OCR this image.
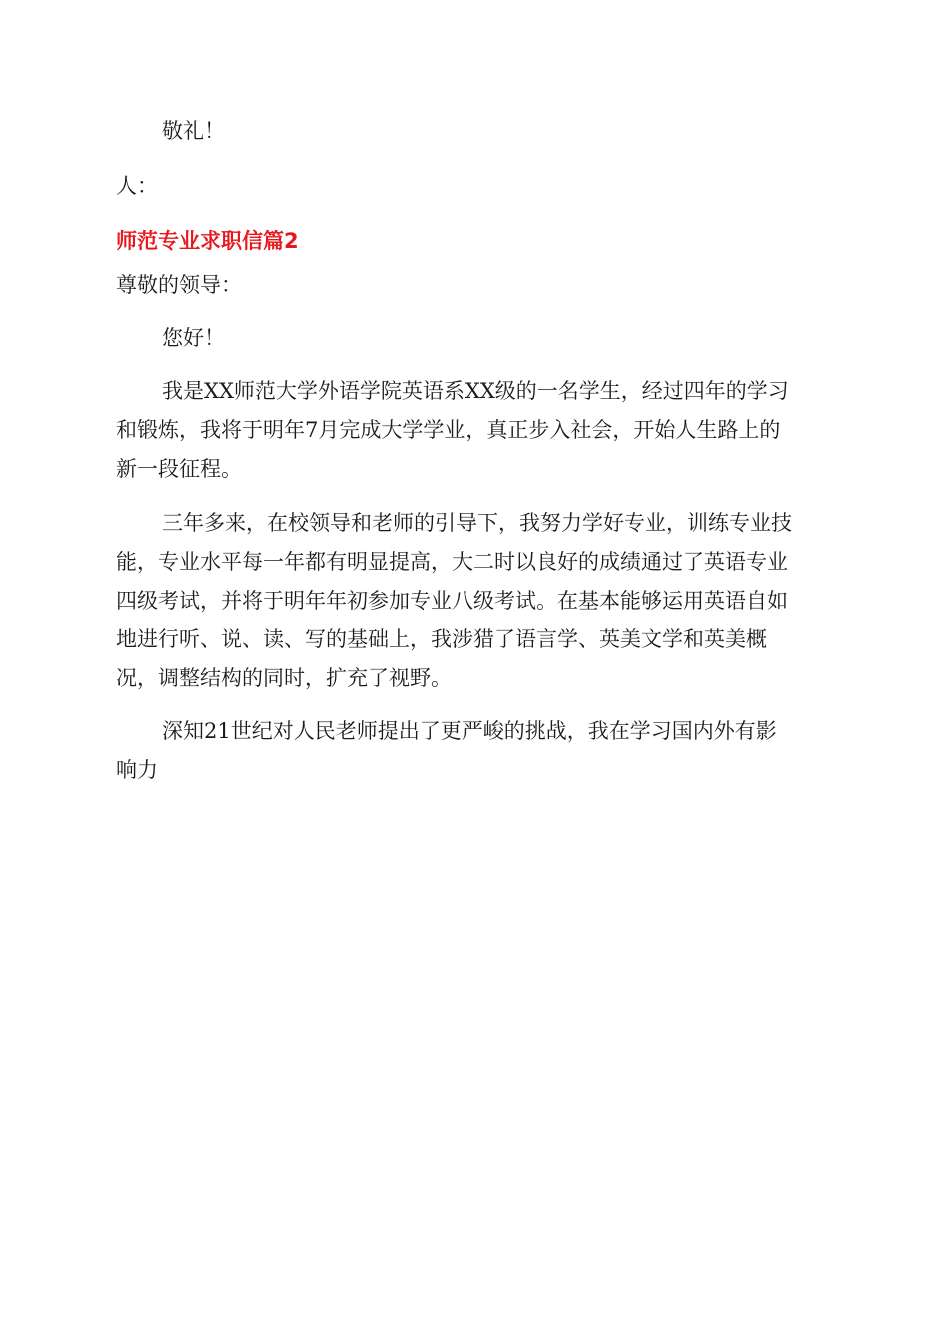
敬礼！

人：

师范专业求职信篇2

尊敬的领导：

您好！

我是XX师范大学外语学院英语系XX级的一名学生，经过四年的学习

和锻炼，我将于明年7月完成大学学业，真正步入社会，开始人生路上的

新一段征程。

三年多来，在校领导和老师的引导下，我努力学好专业，训练专业技

能，专业水平每一年都有明显提高，大二时以良好的成绩通过了英语专业

四级考试，并将于明年年初参加专业八级考试。在基本能够运用英语自如

地进行听、说、读、写的基础上，我涉猎了语言学、英美文学和英美概

况，调整结构的同时，扩充了视野。

深知21世纪对人民老师提出了更严峻的挑战，我在学习国内外有影

响力
